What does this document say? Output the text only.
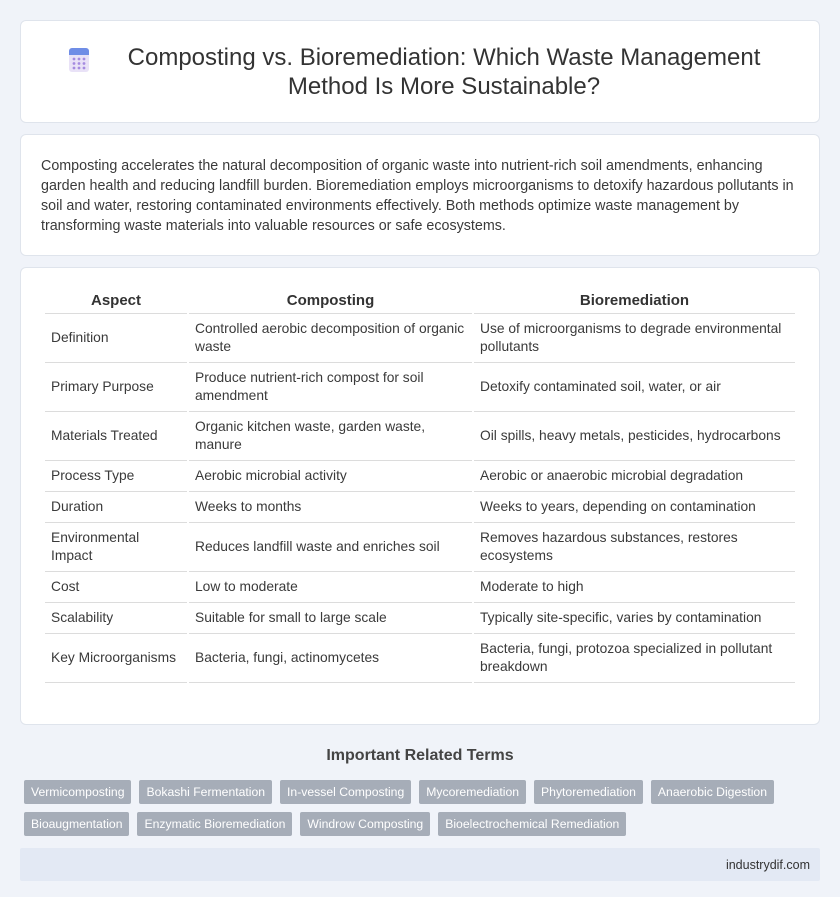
Composting vs. Bioremediation: Which Waste Management Method Is More Sustainable?

Composting accelerates the natural decomposition of organic waste into nutrient-rich soil amendments, enhancing garden health and reducing landfill burden. Bioremediation employs microorganisms to detoxify hazardous pollutants in soil and water, restoring contaminated environments effectively. Both methods optimize waste management by transforming waste materials into valuable resources or safe ecosystems.

Aspect	Composting	Bioremediation
Definition	Controlled aerobic decomposition of organic waste	Use of microorganisms to degrade environmental pollutants
Primary Purpose	Produce nutrient-rich compost for soil amendment	Detoxify contaminated soil, water, or air
Materials Treated	Organic kitchen waste, garden waste, manure	Oil spills, heavy metals, pesticides, hydrocarbons
Process Type	Aerobic microbial activity	Aerobic or anaerobic microbial degradation
Duration	Weeks to months	Weeks to years, depending on contamination
Environmental Impact	Reduces landfill waste and enriches soil	Removes hazardous substances, restores ecosystems
Cost	Low to moderate	Moderate to high
Scalability	Suitable for small to large scale	Typically site-specific, varies by contamination
Key Microorganisms	Bacteria, fungi, actinomycetes	Bacteria, fungi, protozoa specialized in pollutant breakdown
Important Related Terms
Vermicomposting	Bokashi Fermentation	In-vessel Composting	Mycoremediation	Phytoremediation	Anaerobic Digestion
Bioaugmentation	Enzymatic Bioremediation	Windrow Composting	Bioelectrochemical Remediation
industrydif.com
